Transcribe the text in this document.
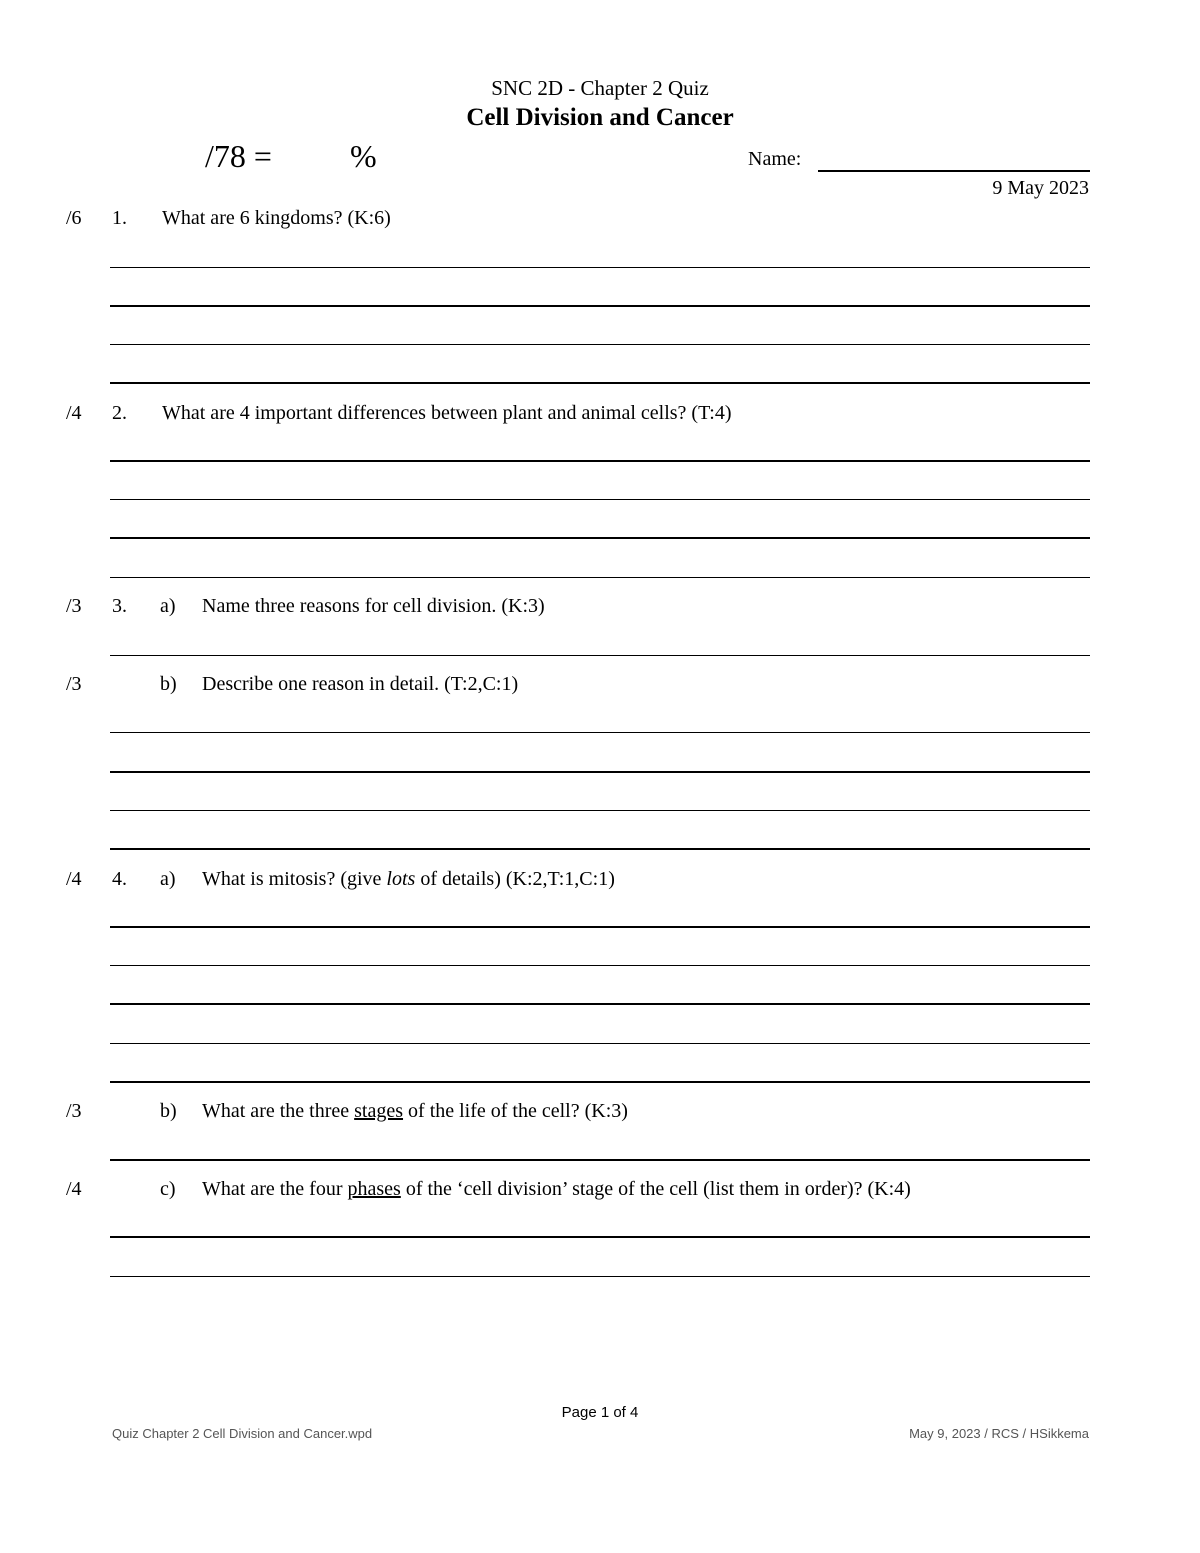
SNC 2D - Chapter 2 Quiz
Cell Division and Cancer
/78 = %	Name:
9 May 2023
/6 1. What are 6 kingdoms? (K:6)
/4 2. What are 4 important differences between plant and animal cells? (T:4)
/3 3. a) Name three reasons for cell division. (K:3)
/3	b) Describe one reason in detail. (T:2,C:1)
/4 4. a) What is mitosis? (give lots of details) (K:2,T:1,C:1)
/3	b) What are the three stages of the life of the cell? (K:3)
/4	c) What are the four phases of the ‘cell division’ stage of the cell (list them in order)? (K:4)
Page 1 of 4
Quiz Chapter 2 Cell Division and Cancer.wpd	May 9, 2023 / RCS / HSikkema
